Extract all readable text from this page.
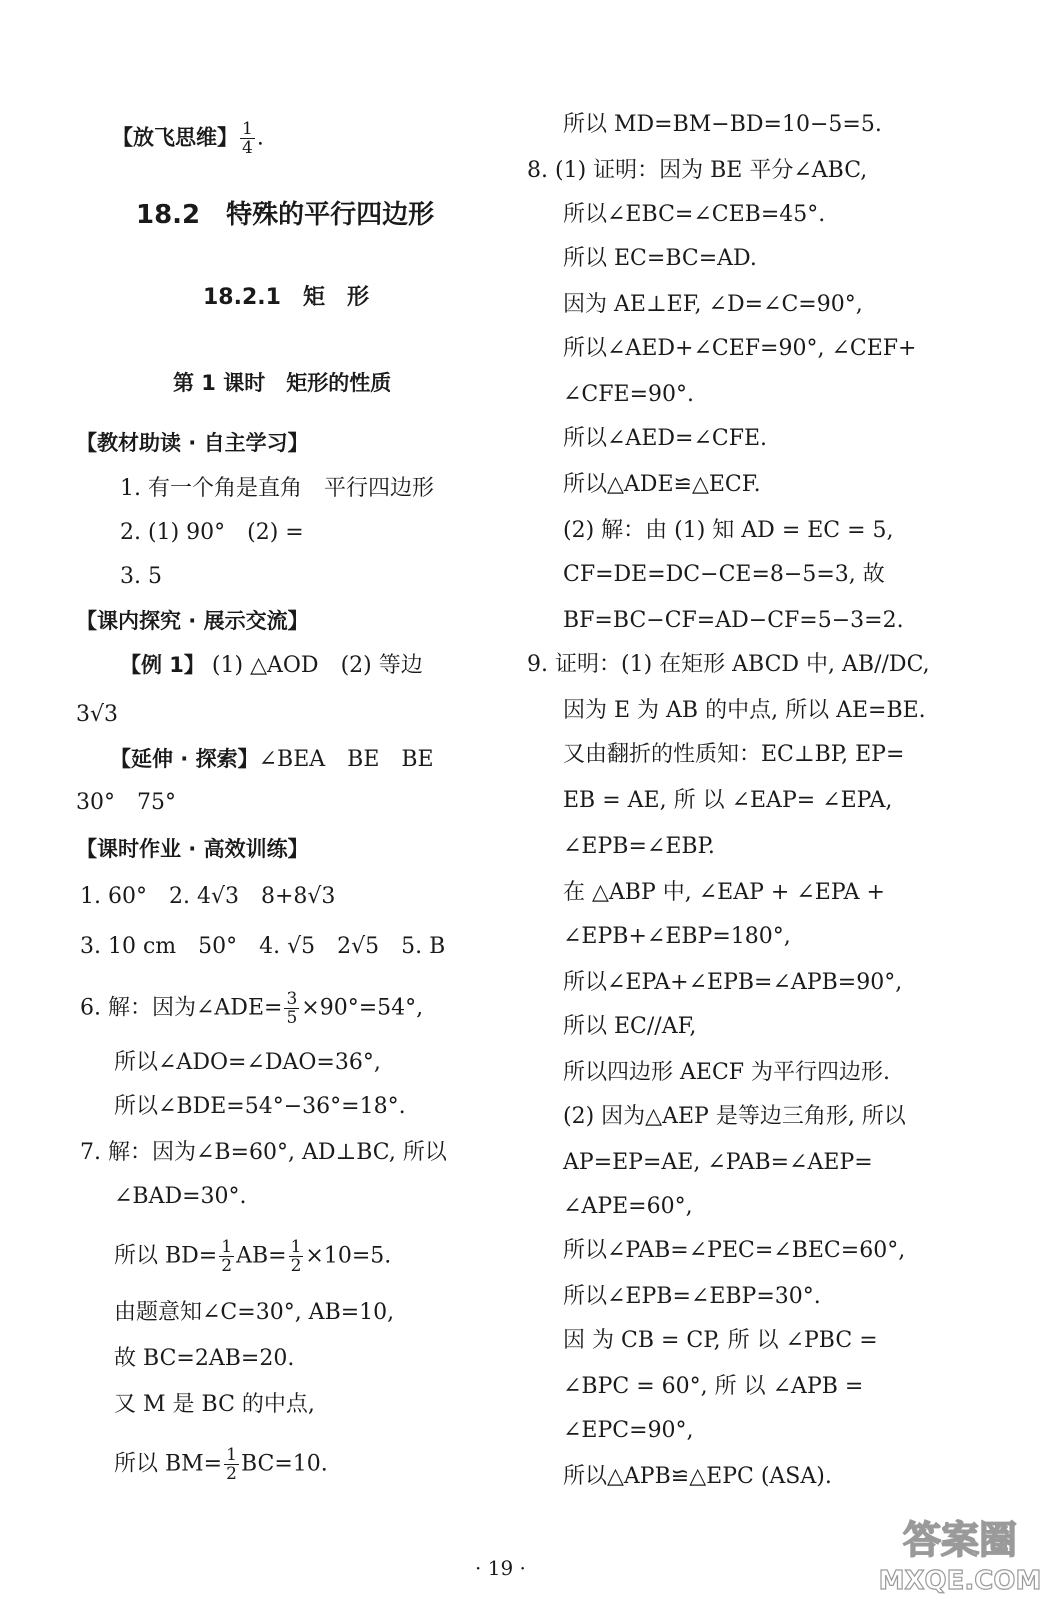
【放飞思维】 $\frac{1}{4}$ .
18.2　特殊的平行四边形
18.2.1　矩　形
第 1 课时　矩形的性质
【教材助读 · 自主学习】
1. 有一个角是直角　平行四边形
2. (1) 90°　(2) =
3. 5
【课内探究 · 展示交流】
【例 1】 (1) △AOD　(2) 等边
3√3
【延伸 · 探索】∠BEA　BE　BE
30°　75°
【课时作业 · 高效训练】
1. 60°　2. 4√3　8+8√3
3. 10 cm　50°　4. √5　2√5　5. B
6. 解：因为∠ADE= $\frac{3}{5} \times 90^\circ=54^\circ$,
所以∠ADO=∠DAO=36°,
所以∠BDE=54°−36°=18°.
7. 解：因为∠B=60°, AD⊥BC, 所以
∠BAD=30°.
所以 $BD= \frac{1}{2} AB= \frac{1}{2} \times 10=5$.
由题意知∠C=30°, AB=10,
故 BC=2AB=20.
又 M 是 BC 的中点,
所以 $BM= \frac{1}{2} BC=10$.
所以 MD=BM−BD=10−5=5.
8. (1) 证明：因为 BE 平分∠ABC,
所以∠EBC=∠CEB=45°.
所以 EC=BC=AD.
因为 AE⊥EF, ∠D=∠C=90°,
所以∠AED+∠CEF=90°, ∠CEF+
∠CFE=90°.
所以∠AED=∠CFE.
所以△ADE≌△ECF.
(2) 解：由 (1) 知 AD = EC = 5,
CF=DE=DC−CE=8−5=3, 故
BF=BC−CF=AD−CF=5−3=2.
9. 证明：(1) 在矩形 ABCD 中, AB//DC,
因为 E 为 AB 的中点, 所以 AE=BE.
又由翻折的性质知：EC⊥BP, EP=
EB = AE, 所 以 ∠EAP= ∠EPA,
∠EPB=∠EBP.
在 △ABP 中, ∠EAP + ∠EPA +
∠EPB+∠EBP=180°,
所以∠EPA+∠EPB=∠APB=90°,
所以 EC//AF,
所以四边形 AECF 为平行四边形.
(2) 因为△AEP 是等边三角形, 所以
AP=EP=AE, ∠PAB=∠AEP=
∠APE=60°,
所以∠PAB=∠PEC=∠BEC=60°,
所以∠EPB=∠EBP=30°.
因 为 CB = CP, 所 以 ∠PBC =
∠BPC = 60°, 所 以 ∠APB =
∠EPC=90°,
所以△APB≌△EPC (ASA).
· 19 ·
答案圈
MXQE.COM
